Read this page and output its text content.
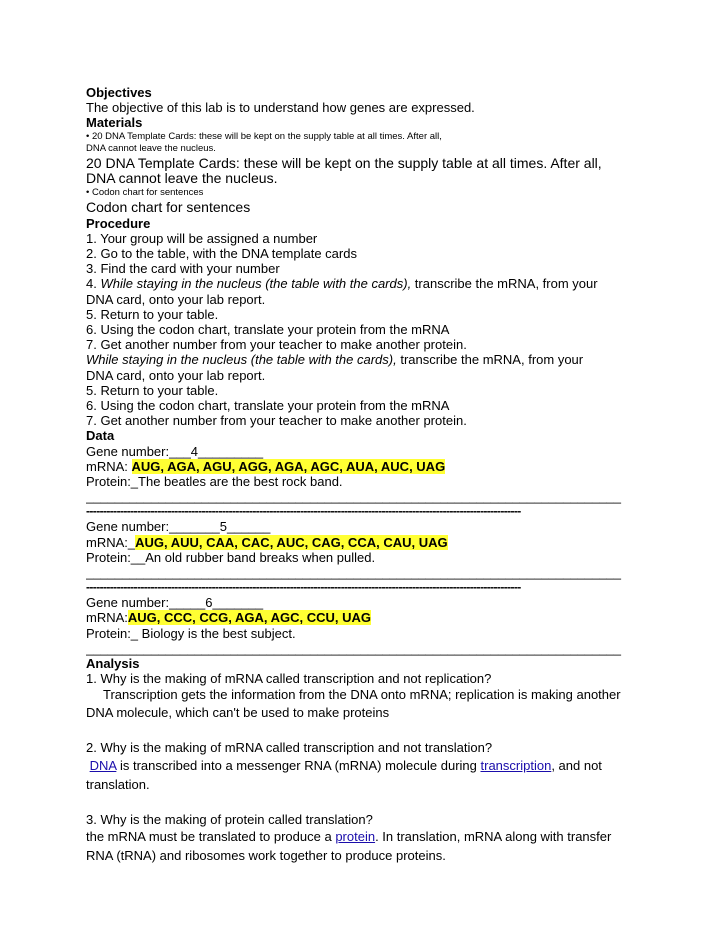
Objectives
The objective of this lab is to understand how genes are expressed.
Materials
• 20 DNA Template Cards: these will be kept on the supply table at all times. After all,
DNA cannot leave the nucleus.
20 DNA Template Cards: these will be kept on the supply table at all times. After all,
DNA cannot leave the nucleus.
• Codon chart for sentences
Codon chart for sentences
Procedure
1. Your group will be assigned a number
2. Go to the table, with the DNA template cards
3. Find the card with your number
4. While staying in the nucleus (the table with the cards), transcribe the mRNA, from your
DNA card, onto your lab report.
5. Return to your table.
6. Using the codon chart, translate your protein from the mRNA
7. Get another number from your teacher to make another protein.
While staying in the nucleus (the table with the cards), transcribe the mRNA, from your
DNA card, onto your lab report.
5. Return to your table.
6. Using the codon chart, translate your protein from the mRNA
7. Get another number from your teacher to make another protein.
Data
Gene number:___4_________
mRNA: AUG, AGA, AGU, AGG, AGA, AGC, AUA, AUC, UAG
Protein:_The beatles are the best rock band.
__________________________________________________________________________
--------------------------------------------------------------------------------------------------------------------------------
Gene number:_______5______
mRNA:_AUG, AUU, CAA, CAC, AUC, CAG, CCA, CAU, UAG
Protein:__An old rubber band breaks when pulled.
__________________________________________________________________________
--------------------------------------------------------------------------------------------------------------------------------
Gene number:_____6_______
mRNA:AUG, CCC, CCG, AGA, AGC, CCU, UAG
Protein:_ Biology is the best subject.
__________________________________________________________________________
Analysis
1. Why is the making of mRNA called transcription and not replication?
Transcription gets the information from the DNA onto mRNA; replication is making another
DNA molecule, which can't be used to make proteins
2. Why is the making of mRNA called transcription and not translation?
DNA is transcribed into a messenger RNA (mRNA) molecule during transcription, and not
translation.
3. Why is the making of protein called translation?
the mRNA must be translated to produce a protein. In translation, mRNA along with transfer
RNA (tRNA) and ribosomes work together to produce proteins.
